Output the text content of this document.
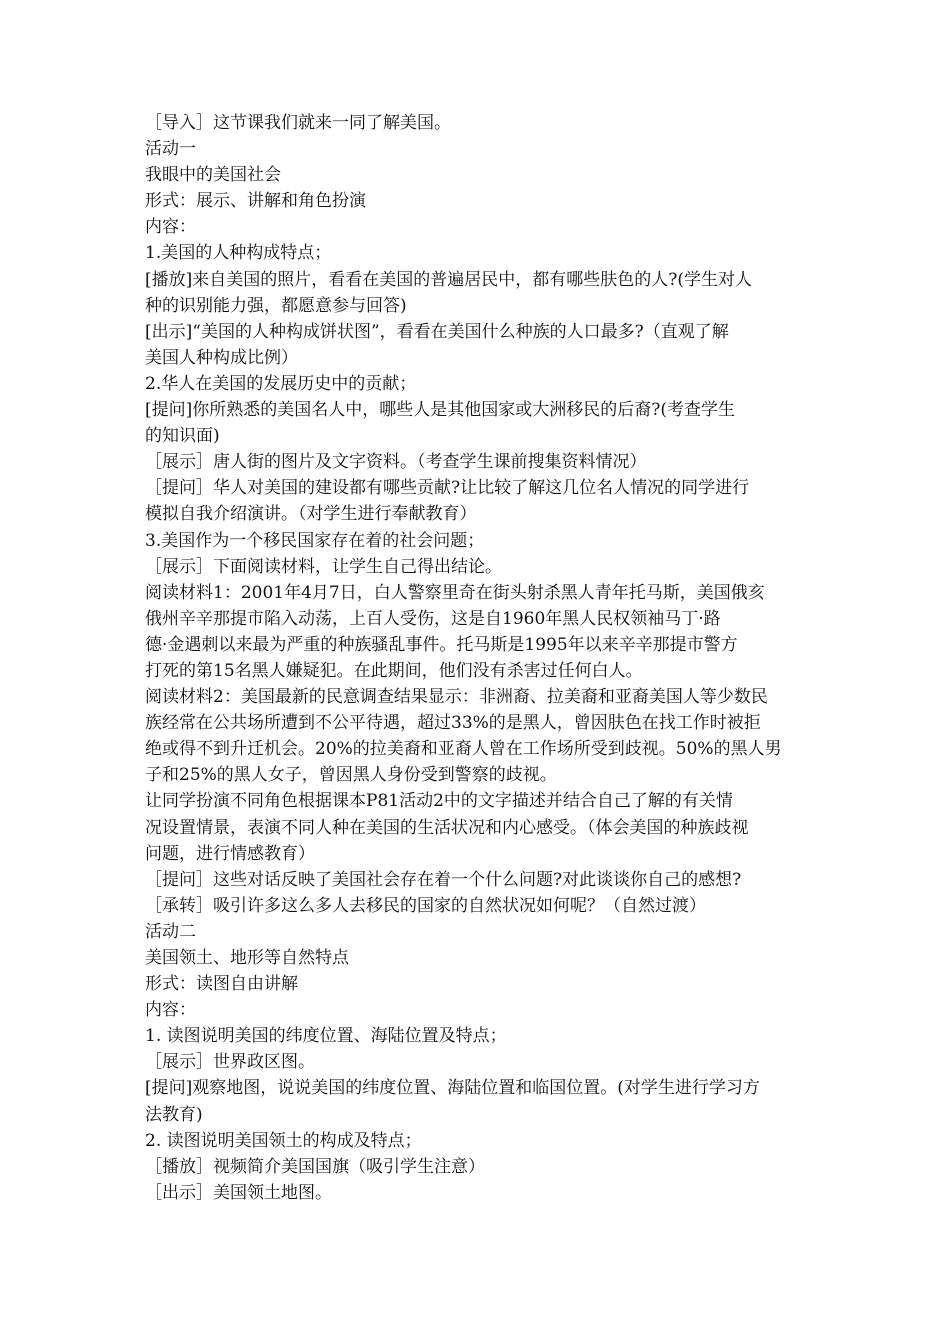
［导入］这节课我们就来一同了解美国。
活动一
我眼中的美国社会
形式：展示、讲解和角色扮演
内容：
1.美国的人种构成特点；
[播放]来自美国的照片，看看在美国的普遍居民中，都有哪些肤色的人?(学生对人
种的识别能力强，都愿意参与回答)
[出示]“美国的人种构成饼状图”，看看在美国什么种族的人口最多?（直观了解
美国人种构成比例）
2.华人在美国的发展历史中的贡献；
[提问]你所熟悉的美国名人中，哪些人是其他国家或大洲移民的后裔?(考查学生
的知识面)
［展示］唐人街的图片及文字资料。（考查学生课前搜集资料情况）
［提问］华人对美国的建设都有哪些贡献?让比较了解这几位名人情况的同学进行
模拟自我介绍演讲。（对学生进行奉献教育）
3.美国作为一个移民国家存在着的社会问题；
［展示］下面阅读材料，让学生自己得出结论。
阅读材料1：2001年4月7日，白人警察里奇在街头射杀黑人青年托马斯，美国俄亥
俄州辛辛那提市陷入动荡，上百人受伤，这是自1960年黑人民权领袖马丁·路
德·金遇刺以来最为严重的种族骚乱事件。托马斯是1995年以来辛辛那提市警方
打死的第15名黑人嫌疑犯。在此期间，他们没有杀害过任何白人。
阅读材料2：美国最新的民意调查结果显示：非洲裔、拉美裔和亚裔美国人等少数民
族经常在公共场所遭到不公平待遇，超过33%的是黑人，曾因肤色在找工作时被拒
绝或得不到升迁机会。20%的拉美裔和亚裔人曾在工作场所受到歧视。50%的黑人男
子和25%的黑人女子，曾因黑人身份受到警察的歧视。
让同学扮演不同角色根据课本P81活动2中的文字描述并结合自己了解的有关情
况设置情景，表演不同人种在美国的生活状况和内心感受。（体会美国的种族歧视
问题，进行情感教育）
［提问］这些对话反映了美国社会存在着一个什么问题?对此谈谈你自己的感想?
［承转］吸引许多这么多人去移民的国家的自然状况如何呢？（自然过渡）
活动二
美国领土、地形等自然特点
形式：读图自由讲解
内容：
1. 读图说明美国的纬度位置、海陆位置及特点；
［展示］世界政区图。
[提问]观察地图，说说美国的纬度位置、海陆位置和临国位置。(对学生进行学习方
法教育)
2. 读图说明美国领土的构成及特点；
［播放］视频简介美国国旗（吸引学生注意）
［出示］美国领土地图。
